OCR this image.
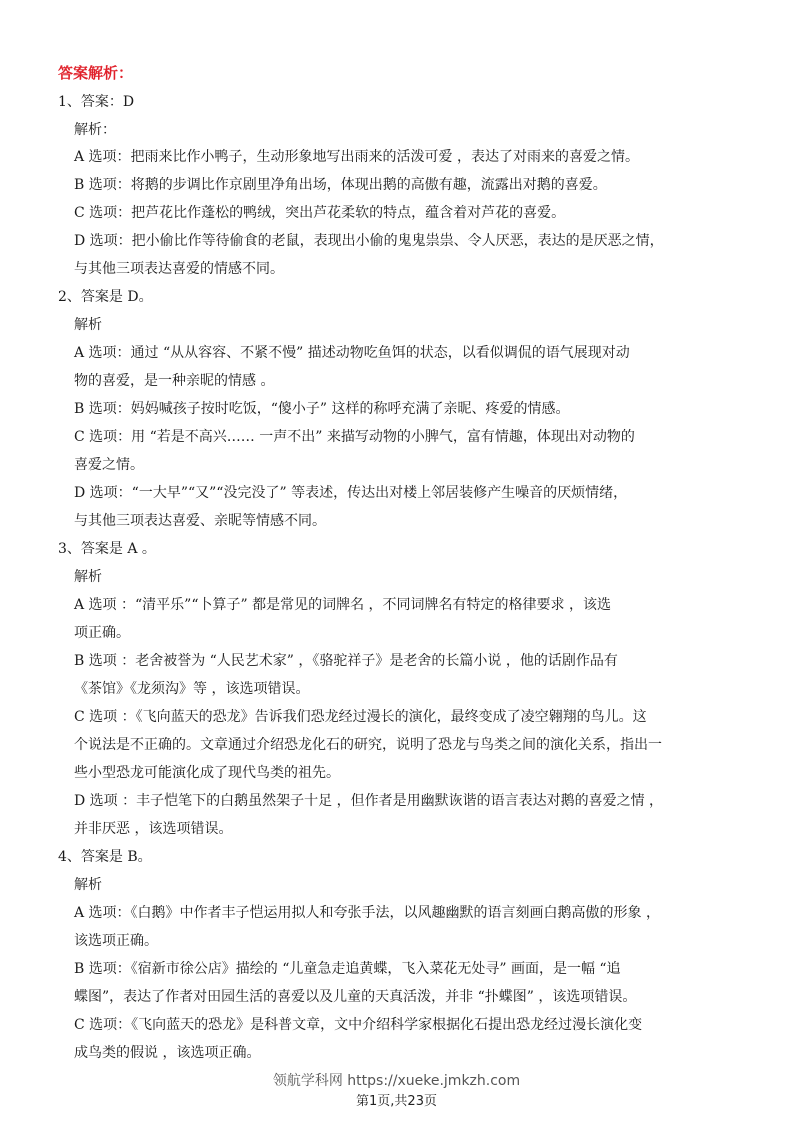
答案解析：
1、答案：D
解析：
A 选项：把雨来比作小鸭子，生动形象地写出雨来的活泼可爱 ，表达了对雨来的喜爱之情。
B 选项：将鹅的步调比作京剧里净角出场，体现出鹅的高傲有趣，流露出对鹅的喜爱。
C 选项：把芦花比作蓬松的鸭绒，突出芦花柔软的特点，蕴含着对芦花的喜爱。
D 选项：把小偷比作等待偷食的老鼠，表现出小偷的鬼鬼祟祟、令人厌恶，表达的是厌恶之情，
与其他三项表达喜爱的情感不同。
2、答案是 D。
解析
A 选项：通过 “从从容容、不紧不慢” 描述动物吃鱼饵的状态，以看似调侃的语气展现对动
物的喜爱，是一种亲昵的情感 。
B 选项：妈妈喊孩子按时吃饭，“傻小子” 这样的称呼充满了亲昵、疼爱的情感。
C 选项：用 “若是不高兴…… 一声不出” 来描写动物的小脾气，富有情趣，体现出对动物的
喜爱之情。
D 选项：“一大早”“又”“没完没了” 等表述，传达出对楼上邻居装修产生噪音的厌烦情绪，
与其他三项表达喜爱、亲昵等情感不同。
3、答案是 A 。
解析
A 选项 ：“清平乐”“卜算子” 都是常见的词牌名 ，不同词牌名有特定的格律要求 ，该选
项正确。
B 选项 ：老舍被誉为 “人民艺术家” ，《骆驼祥子》是老舍的长篇小说 ，他的话剧作品有
《茶馆》《龙须沟》等 ，该选项错误。
C 选项 ：《飞向蓝天的恐龙》告诉我们恐龙经过漫长的演化，最终变成了凌空翱翔的鸟儿。这
个说法是不正确的。文章通过介绍恐龙化石的研究，说明了恐龙与鸟类之间的演化关系，指出一
些小型恐龙可能演化成了现代鸟类的祖先。
D 选项 ：丰子恺笔下的白鹅虽然架子十足 ，但作者是用幽默诙谐的语言表达对鹅的喜爱之情 ，
并非厌恶 ，该选项错误。
4、答案是 B。
解析
A 选项：《白鹅》中作者丰子恺运用拟人和夸张手法，以风趣幽默的语言刻画白鹅高傲的形象 ，
该选项正确。
B 选项：《宿新市徐公店》描绘的 “儿童急走追黄蝶，飞入菜花无处寻” 画面，是一幅 “追
蝶图”，表达了作者对田园生活的喜爱以及儿童的天真活泼，并非 “扑蝶图” ，该选项错误。
C 选项：《飞向蓝天的恐龙》是科普文章，文中介绍科学家根据化石提出恐龙经过漫长演化变
成鸟类的假说 ，该选项正确。
领航学科网 https://xueke.jmkzh.com
第1页,共23页
